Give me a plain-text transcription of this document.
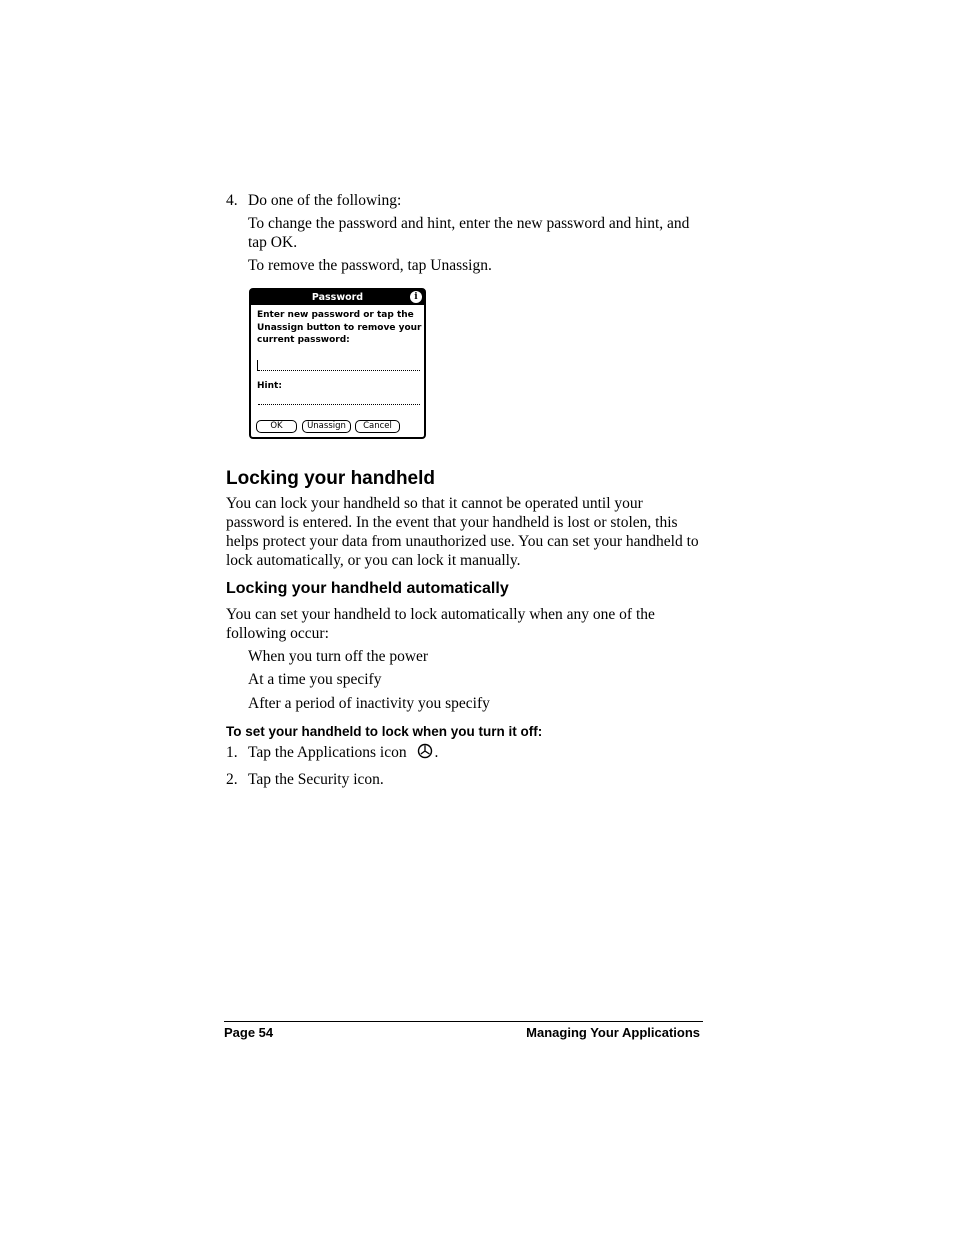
4. Do one of the following:
To change the password and hint, enter the new password and hint, and tap OK.
To remove the password, tap Unassign.
Password	i
Enter new password or tap the Unassign button to remove your current password:
Hint:
OK	Unassign	Cancel
Locking your handheld
You can lock your handheld so that it cannot be operated until your password is entered. In the event that your handheld is lost or stolen, this helps protect your data from unauthorized use. You can set your handheld to lock automatically, or you can lock it manually.
Locking your handheld automatically
You can set your handheld to lock automatically when any one of the following occur:
When you turn off the power
At a time you specify
After a period of inactivity you specify
To set your handheld to lock when you turn it off:
1. Tap the Applications icon .
2. Tap the Security icon.
Page 54	Managing Your Applications
